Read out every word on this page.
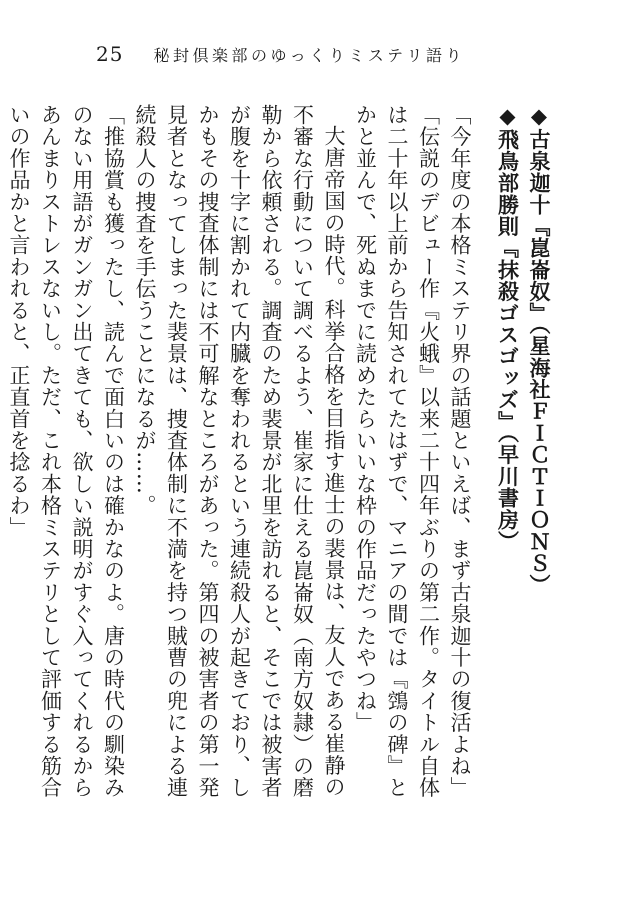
25 秘封倶楽部のゆっくりミステリ語り

◆古泉迦十『崑崙奴』（星海社ＦＩＣＴＩＯＮＳ）

◆飛鳥部勝則『抹殺ゴスゴッズ』（早川書房）

「今年度の本格ミステリ界の話題といえば、まず古泉迦十の復活よね」

「伝説のデビュー作『火蛾』以来二十四年ぶりの第二作。タイトル自体は二十年以上前から告知されてたはずで、マニアの間では『鵼の碑』とかと並んで、死ぬまでに読めたらいいな枠の作品だったやつね」

大唐帝国の時代。科挙合格を目指す進士の裴景は、友人である崔静の不審な行動について調べるよう、崔家に仕える崑崙奴（南方奴隷）の磨勒から依頼される。調査のため裴景が北里を訪れると、そこでは被害者が腹を十字に割かれて内臓を奪われるという連続殺人が起きており、しかもその捜査体制には不可解なところがあった。第四の被害者の第一発見者となってしまった裴景は、捜査体制に不満を持つ賊曹の兜による連続殺人の捜査を手伝うことになるが……。

「推協賞も獲ったし、読んで面白いのは確かなのよ。唐の時代の馴染みのない用語がガンガン出てきても、欲しい説明がすぐ入ってくれるからあんまりストレスないし。ただ、これ本格ミステリとして評価する筋合いの作品かと言われると、正直首を捻るわ」
